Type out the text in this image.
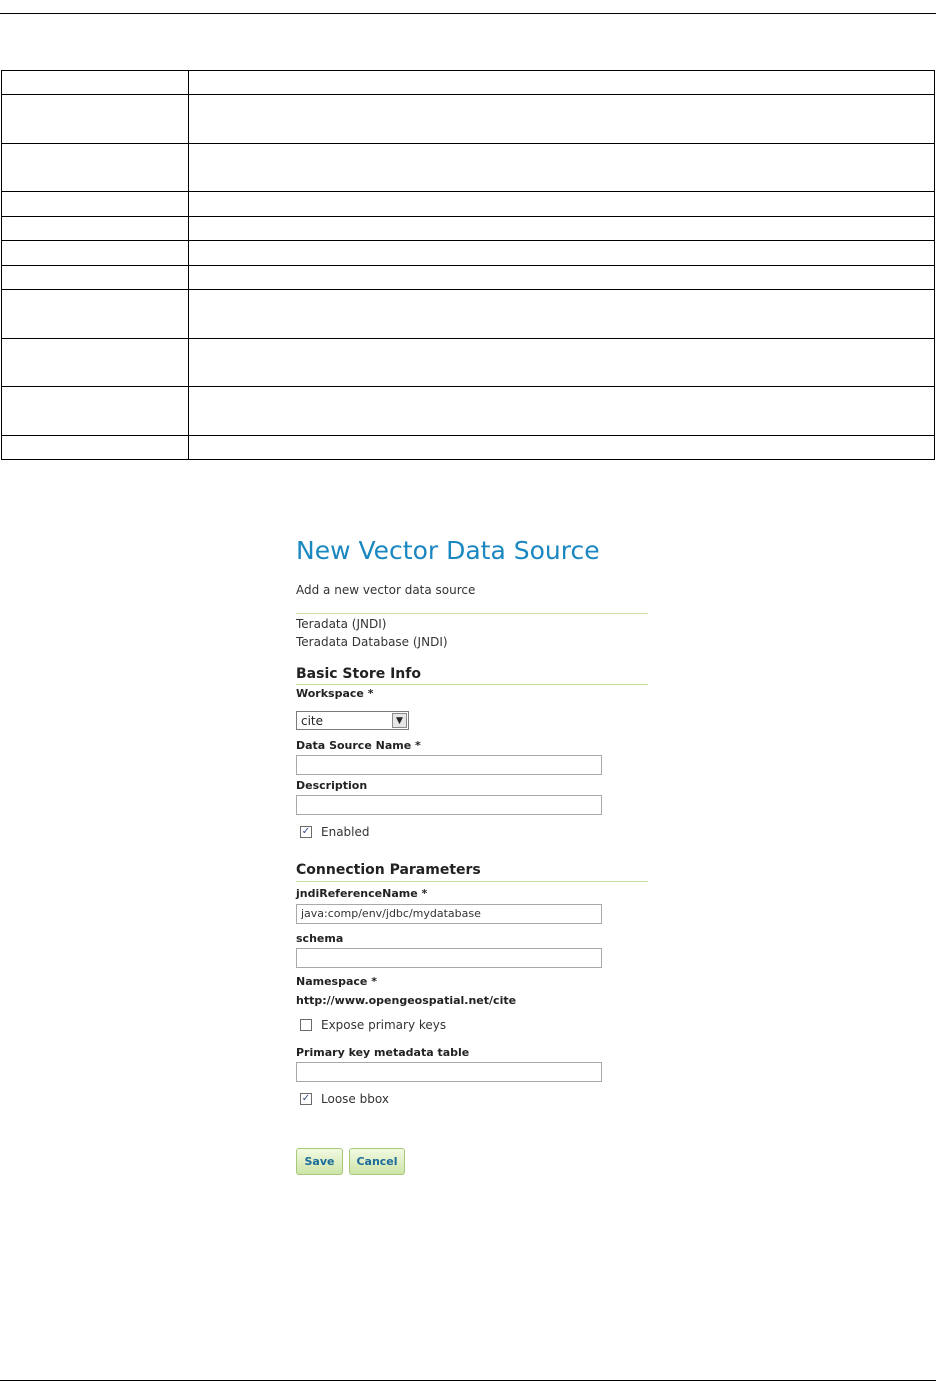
New Vector Data Source
Add a new vector data source
Teradata (JNDI)
Teradata Database (JNDI)
Basic Store Info
Workspace *
cite	▼
Data Source Name *
Description
✓ Enabled
Connection Parameters
jndiReferenceName *
java:comp/env/jdbc/mydatabase
schema
Namespace *
http://www.opengeospatial.net/cite
Expose primary keys
Primary key metadata table
✓ Loose bbox
Save	Cancel
